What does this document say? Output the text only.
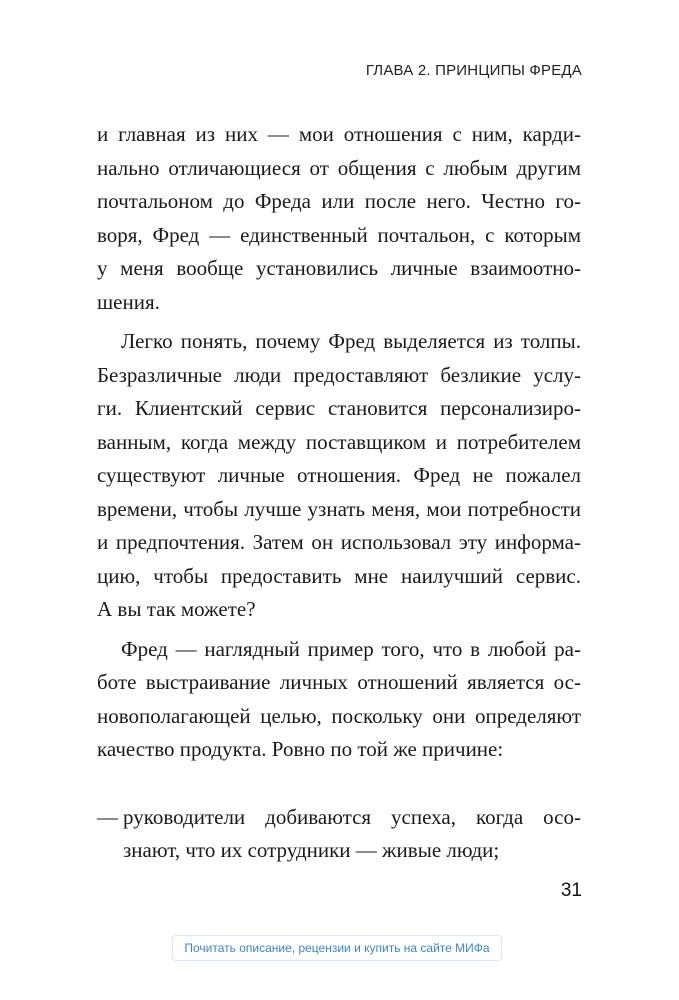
ГЛАВА 2. ПРИНЦИПЫ ФРЕДА
и главная из них — мои отношения с ним, карди-
нально отличающиеся от общения с любым другим
почтальоном до Фреда или после него. Честно го-
воря, Фред — единственный почтальон, с которым
у меня вообще установились личные взаимоотно-
шения.
Легко понять, почему Фред выделяется из толпы.
Безразличные люди предоставляют безликие услу-
ги. Клиентский сервис становится персонализиро-
ванным, когда между поставщиком и потребителем
существуют личные отношения. Фред не пожалел
времени, чтобы лучше узнать меня, мои потребности
и предпочтения. Затем он использовал эту информа-
цию, чтобы предоставить мне наилучший сервис.
А вы так можете?
Фред — наглядный пример того, что в любой ра-
боте выстраивание личных отношений является ос-
новополагающей целью, поскольку они определяют
качество продукта. Ровно по той же причине:
— руководители добиваются успеха, когда осо-
знают, что их сотрудники — живые люди;
31
Почитать описание, рецензии и купить на сайте МИФа
